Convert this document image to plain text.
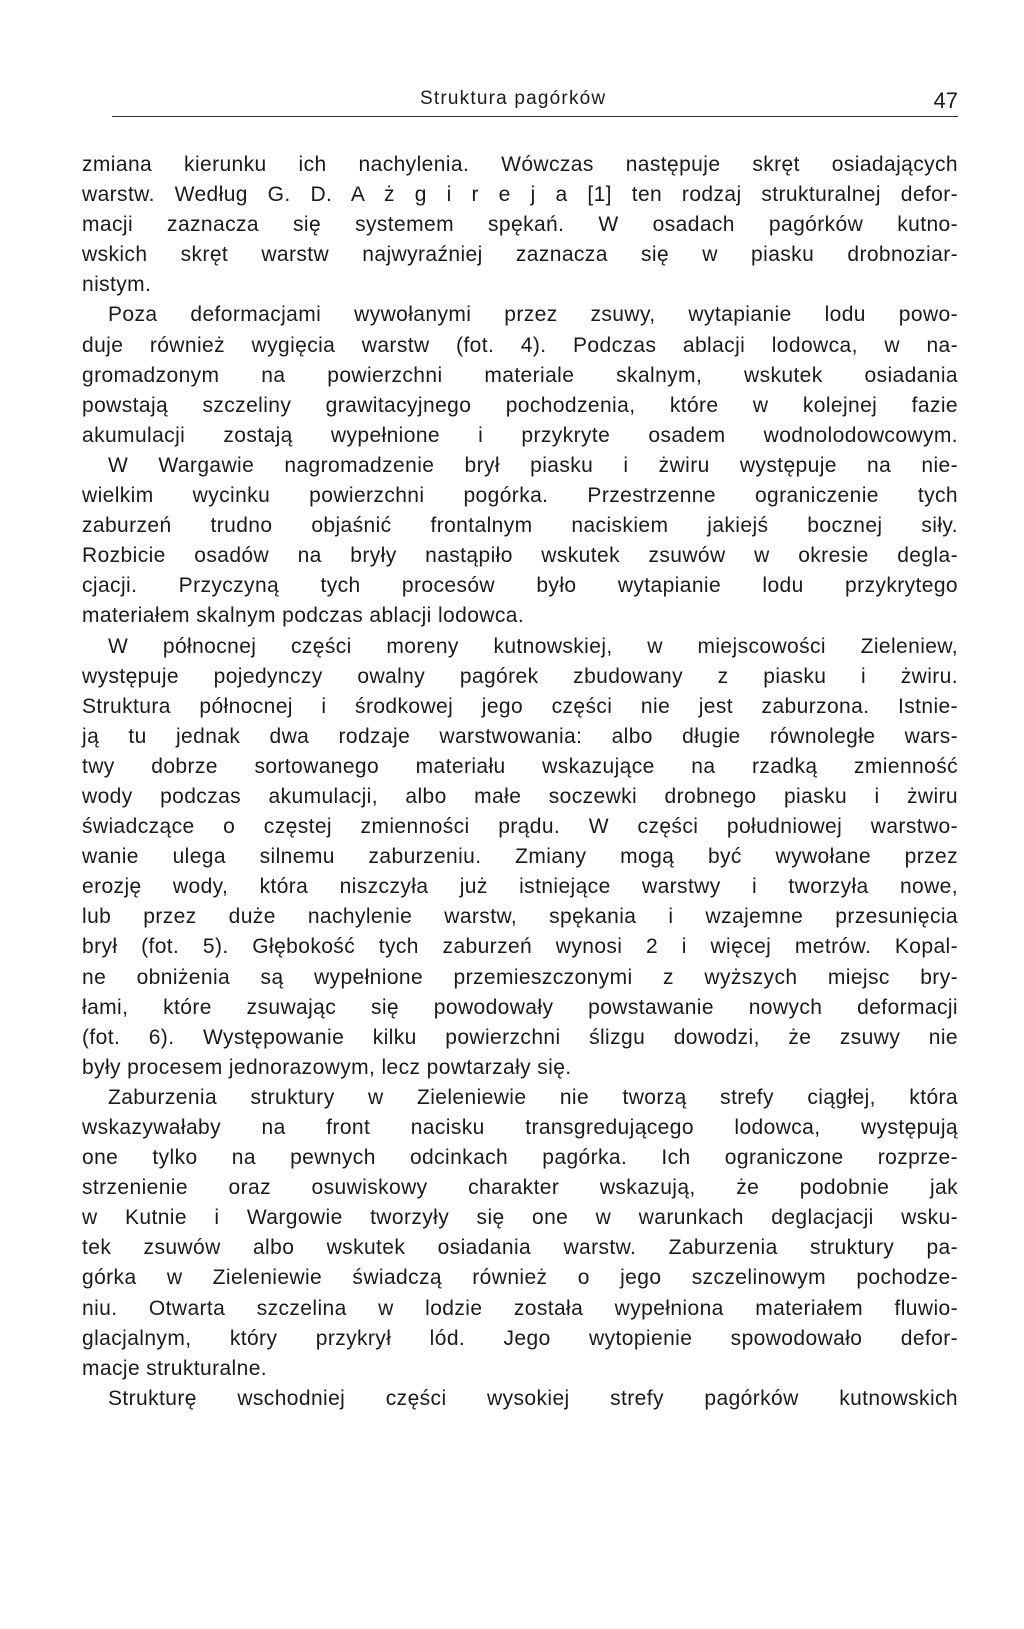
Struktura pagórków	47
zmiana kierunku ich nachylenia. Wówczas następuje skręt osiadających
warstw. Według G. D. A ż g i r e j a [1] ten rodzaj strukturalnej defor-
macji zaznacza się systemem spękań. W osadach pagórków kutno-
wskich skręt warstw najwyraźniej zaznacza się w piasku drobnoziar-
nistym.
Poza deformacjami wywołanymi przez zsuwy, wytapianie lodu powo-
duje również wygięcia warstw (fot. 4). Podczas ablacji lodowca, w na-
gromadzonym na powierzchni materiale skalnym, wskutek osiadania
powstają szczeliny grawitacyjnego pochodzenia, które w kolejnej fazie
akumulacji zostają wypełnione i przykryte osadem wodnolodowcowym.
W Wargawie nagromadzenie brył piasku i żwiru występuje na nie-
wielkim wycinku powierzchni pogórka. Przestrzenne ograniczenie tych
zaburzeń trudno objaśnić frontalnym naciskiem jakiejś bocznej siły.
Rozbicie osadów na bryły nastąpiło wskutek zsuwów w okresie degla-
cjacji. Przyczyną tych procesów było wytapianie lodu przykrytego
materiałem skalnym podczas ablacji lodowca.
W północnej części moreny kutnowskiej, w miejscowości Zieleniew,
występuje pojedynczy owalny pagórek zbudowany z piasku i żwiru.
Struktura północnej i środkowej jego części nie jest zaburzona. Istnie-
ją tu jednak dwa rodzaje warstwowania: albo długie równoległe wars-
twy dobrze sortowanego materiału wskazujące na rzadką zmienność
wody podczas akumulacji, albo małe soczewki drobnego piasku i żwiru
świadczące o częstej zmienności prądu. W części południowej warstwo-
wanie ulega silnemu zaburzeniu. Zmiany mogą być wywołane przez
erozję wody, która niszczyła już istniejące warstwy i tworzyła nowe,
lub przez duże nachylenie warstw, spękania i wzajemne przesunięcia
brył (fot. 5). Głębokość tych zaburzeń wynosi 2 i więcej metrów. Kopal-
ne obniżenia są wypełnione przemieszczonymi z wyższych miejsc bry-
łami, które zsuwając się powodowały powstawanie nowych deformacji
(fot. 6). Występowanie kilku powierzchni ślizgu dowodzi, że zsuwy nie
były procesem jednorazowym, lecz powtarzały się.
Zaburzenia struktury w Zieleniewie nie tworzą strefy ciągłej, która
wskazywałaby na front nacisku transgredującego lodowca, występują
one tylko na pewnych odcinkach pagórka. Ich ograniczone rozprze-
strzenienie oraz osuwiskowy charakter wskazują, że podobnie jak
w Kutnie i Wargowie tworzyły się one w warunkach deglacjacji wsku-
tek zsuwów albo wskutek osiadania warstw. Zaburzenia struktury pa-
górka w Zieleniewie świadczą również o jego szczelinowym pochodze-
niu. Otwarta szczelina w lodzie została wypełniona materiałem fluwio-
glacjalnym, który przykrył lód. Jego wytopienie spowodowało defor-
macje strukturalne.
Strukturę wschodniej części wysokiej strefy pagórków kutnowskich
